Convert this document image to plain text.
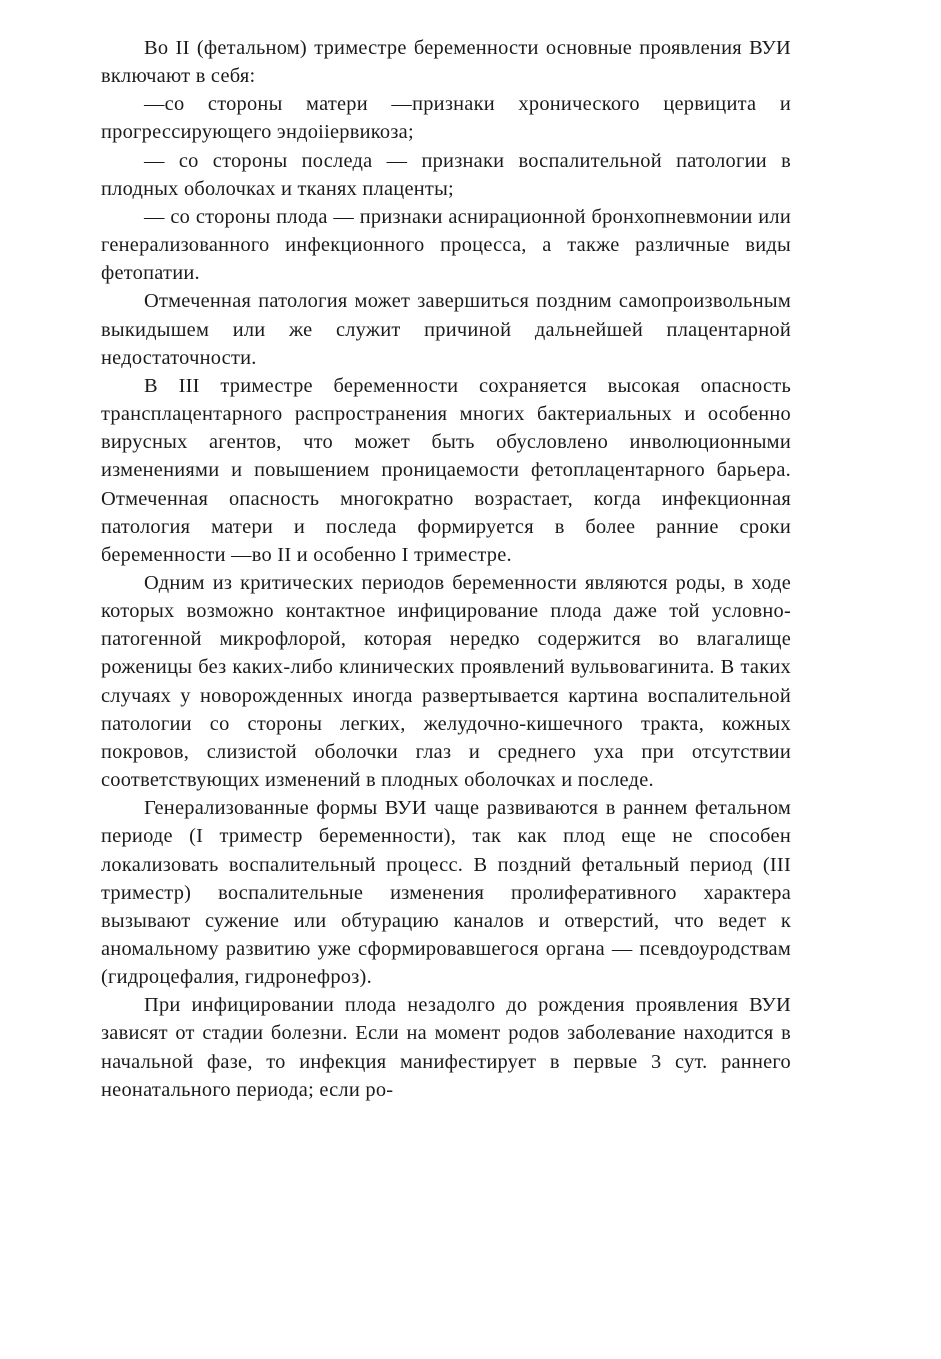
Во II (фетальном) триместре беременности основные проявления ВУИ включают в себя:

—со стороны матери —признаки хронического цервицита и прогрессирующего эндоiiервикоза;

— со стороны последа — признаки воспалительной патологии в плодных оболочках и тканях плаценты;

— со стороны плода — признаки аснирационной бронхопневмонии или генерализованного инфекционного процесса, а также различные виды фетопатии.

Отмеченная патология может завершиться поздним самопроизвольным выкидышем или же служит причиной дальнейшей плацентарной недостаточности.

В III триместре беременности сохраняется высокая опасность трансплацентарного распространения многих бактериальных и особенно вирусных агентов, что может быть обусловлено инволюционными изменениями и повышением проницаемости фетоплацентарного барьера. Отмеченная опасность многократно возрастает, когда инфекционная патология матери и последа формируется в более ранние сроки беременности —во II и особенно I триместре.

Одним из критических периодов беременности являются роды, в ходе которых возможно контактное инфицирование плода даже той условно-патогенной микрофлорой, которая нередко содержится во влагалище роженицы без каких-либо клинических проявлений вульвовагинита. В таких случаях у новорожденных иногда развертывается картина воспалительной патологии со стороны легких, желудочно-кишечного тракта, кожных покровов, слизистой оболочки глаз и среднего уха при отсутствии соответствующих изменений в плодных оболочках и последе.

Генерализованные формы ВУИ чаще развиваются в раннем фетальном периоде (I триместр беременности), так как плод еще не способен локализовать воспалительный процесс. В поздний фетальный период (III триместр) воспалительные изменения пролиферативного характера вызывают сужение или обтурацию каналов и отверстий, что ведет к аномальному развитию уже сформировавшегося органа — псевдоуродствам (гидроцефалия, гидронефроз).

При инфицировании плода незадолго до рождения проявления ВУИ зависят от стадии болезни. Если на момент родов заболевание находится в начальной фазе, то инфекция манифестирует в первые 3 сут. раннего неонатального периода; если ро-
